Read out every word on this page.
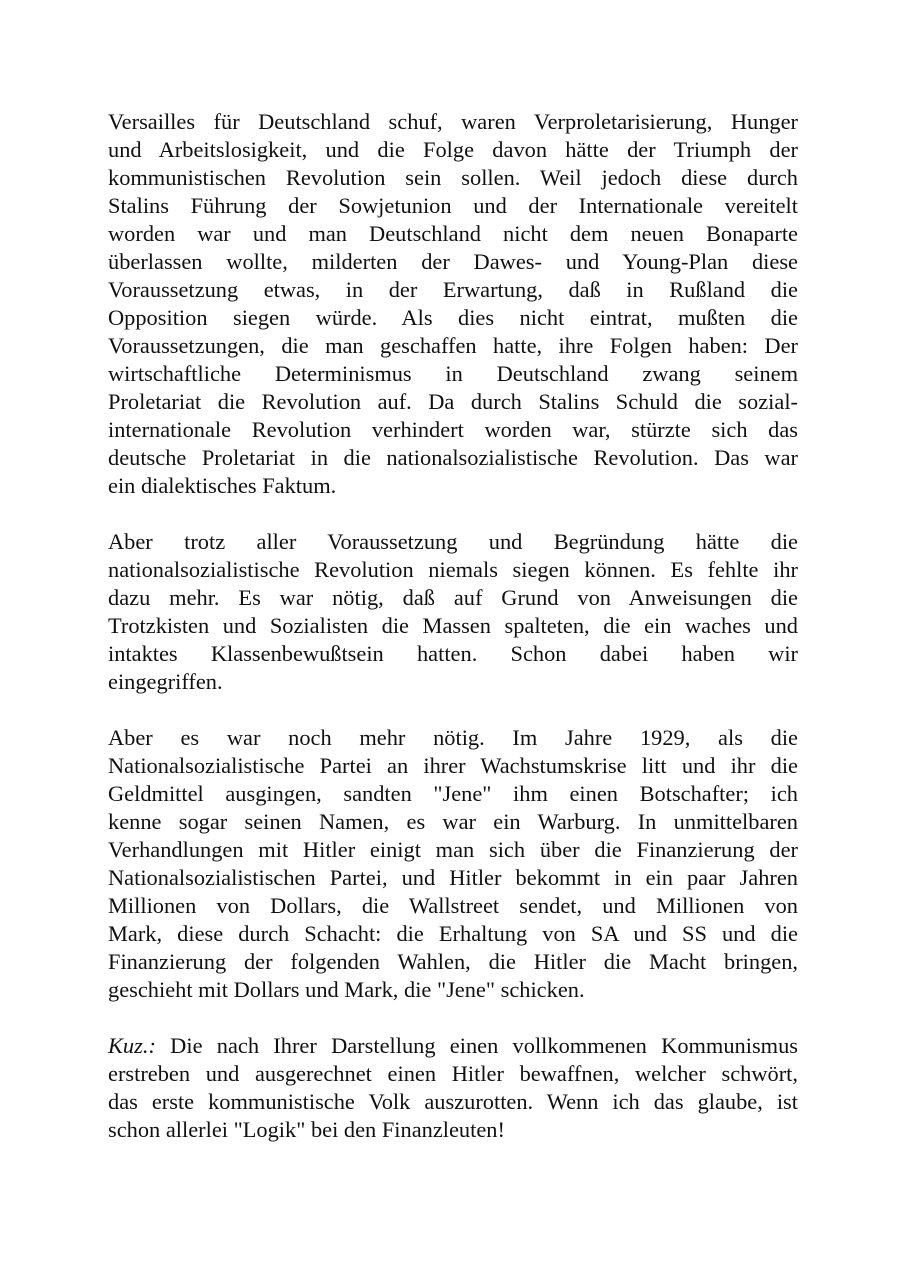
Versailles für Deutschland schuf, waren Verproletarisierung, Hunger
und Arbeitslosigkeit, und die Folge davon hätte der Triumph der
kommunistischen Revolution sein sollen. Weil jedoch diese durch
Stalins Führung der Sowjetunion und der Internationale vereitelt
worden war und man Deutschland nicht dem neuen Bonaparte
überlassen wollte, milderten der Dawes- und Young-Plan diese
Voraussetzung etwas, in der Erwartung, daß in Rußland die
Opposition siegen würde. Als dies nicht eintrat, mußten die
Voraussetzungen, die man geschaffen hatte, ihre Folgen haben: Der
wirtschaftliche Determinismus in Deutschland zwang seinem
Proletariat die Revolution auf. Da durch Stalins Schuld die sozial-
internationale Revolution verhindert worden war, stürzte sich das
deutsche Proletariat in die nationalsozialistische Revolution. Das war
ein dialektisches Faktum.

Aber trotz aller Voraussetzung und Begründung hätte die
nationalsozialistische Revolution niemals siegen können. Es fehlte ihr
dazu mehr. Es war nötig, daß auf Grund von Anweisungen die
Trotzkisten und Sozialisten die Massen spalteten, die ein waches und
intaktes Klassenbewußtsein hatten. Schon dabei haben wir
eingegriffen.

Aber es war noch mehr nötig. Im Jahre 1929, als die
Nationalsozialistische Partei an ihrer Wachstumskrise litt und ihr die
Geldmittel ausgingen, sandten "Jene" ihm einen Botschafter; ich
kenne sogar seinen Namen, es war ein Warburg. In unmittelbaren
Verhandlungen mit Hitler einigt man sich über die Finanzierung der
Nationalsozialistischen Partei, und Hitler bekommt in ein paar Jahren
Millionen von Dollars, die Wallstreet sendet, und Millionen von
Mark, diese durch Schacht: die Erhaltung von SA und SS und die
Finanzierung der folgenden Wahlen, die Hitler die Macht bringen,
geschieht mit Dollars und Mark, die "Jene" schicken.

Kuz.: Die nach Ihrer Darstellung einen vollkommenen Kommunismus
erstreben und ausgerechnet einen Hitler bewaffnen, welcher schwört,
das erste kommunistische Volk auszurotten. Wenn ich das glaube, ist
schon allerlei "Logik" bei den Finanzleuten!
